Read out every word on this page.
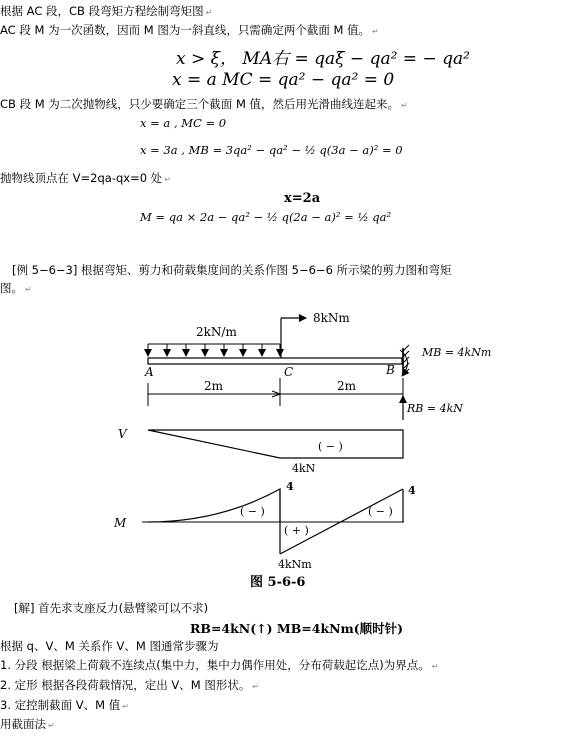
根据 AC 段，CB 段弯矩方程绘制弯矩图 ↵
AC 段 M 为一次函数，因而 M 图为一斜直线，只需确定两个截面 M 值。 ↵
x > ξ， MA右 = qaξ − qa² = − qa²
x = a MC = qa² − qa² = 0
CB 段 M 为二次抛物线，只少要确定三个截面 M 值，然后用光滑曲线连起来。 ↵
x = a , MC = 0
x = 3a , MB = 3qa² − qa² − ½ q(3a − a)² = 0
抛物线顶点在 V=2qa-qx=0 处 ↵
x=2a
M = qa × 2a − qa² − ½ q(2a − a)² = ½ qa²
[例 5−6−3] 根据弯矩、剪力和荷载集度间的关系作图 5−6−6 所示梁的剪力图和弯矩
图。 ↵
2kN/m
8kNm
MB = 4kNm
A	C	B
2m	2m
RB = 4kN
V
( − )
4kN
M
( − )
( + )
( − )
4	4
4kNm
图 5-6-6
[解] 首先求支座反力(悬臂梁可以不求)
RB=4kN(↑) MB=4kNm(顺时针)
根据 q、V、M 关系作 V、M 图通常步骤为
1. 分段 根据梁上荷载不连续点(集中力，集中力偶作用处，分布荷载起讫点)为界点。 ↵
2. 定形 根据各段荷载情况，定出 V、M 图形状。 ↵
3. 定控制截面 V、M 值 ↵
用截面法 ↵
